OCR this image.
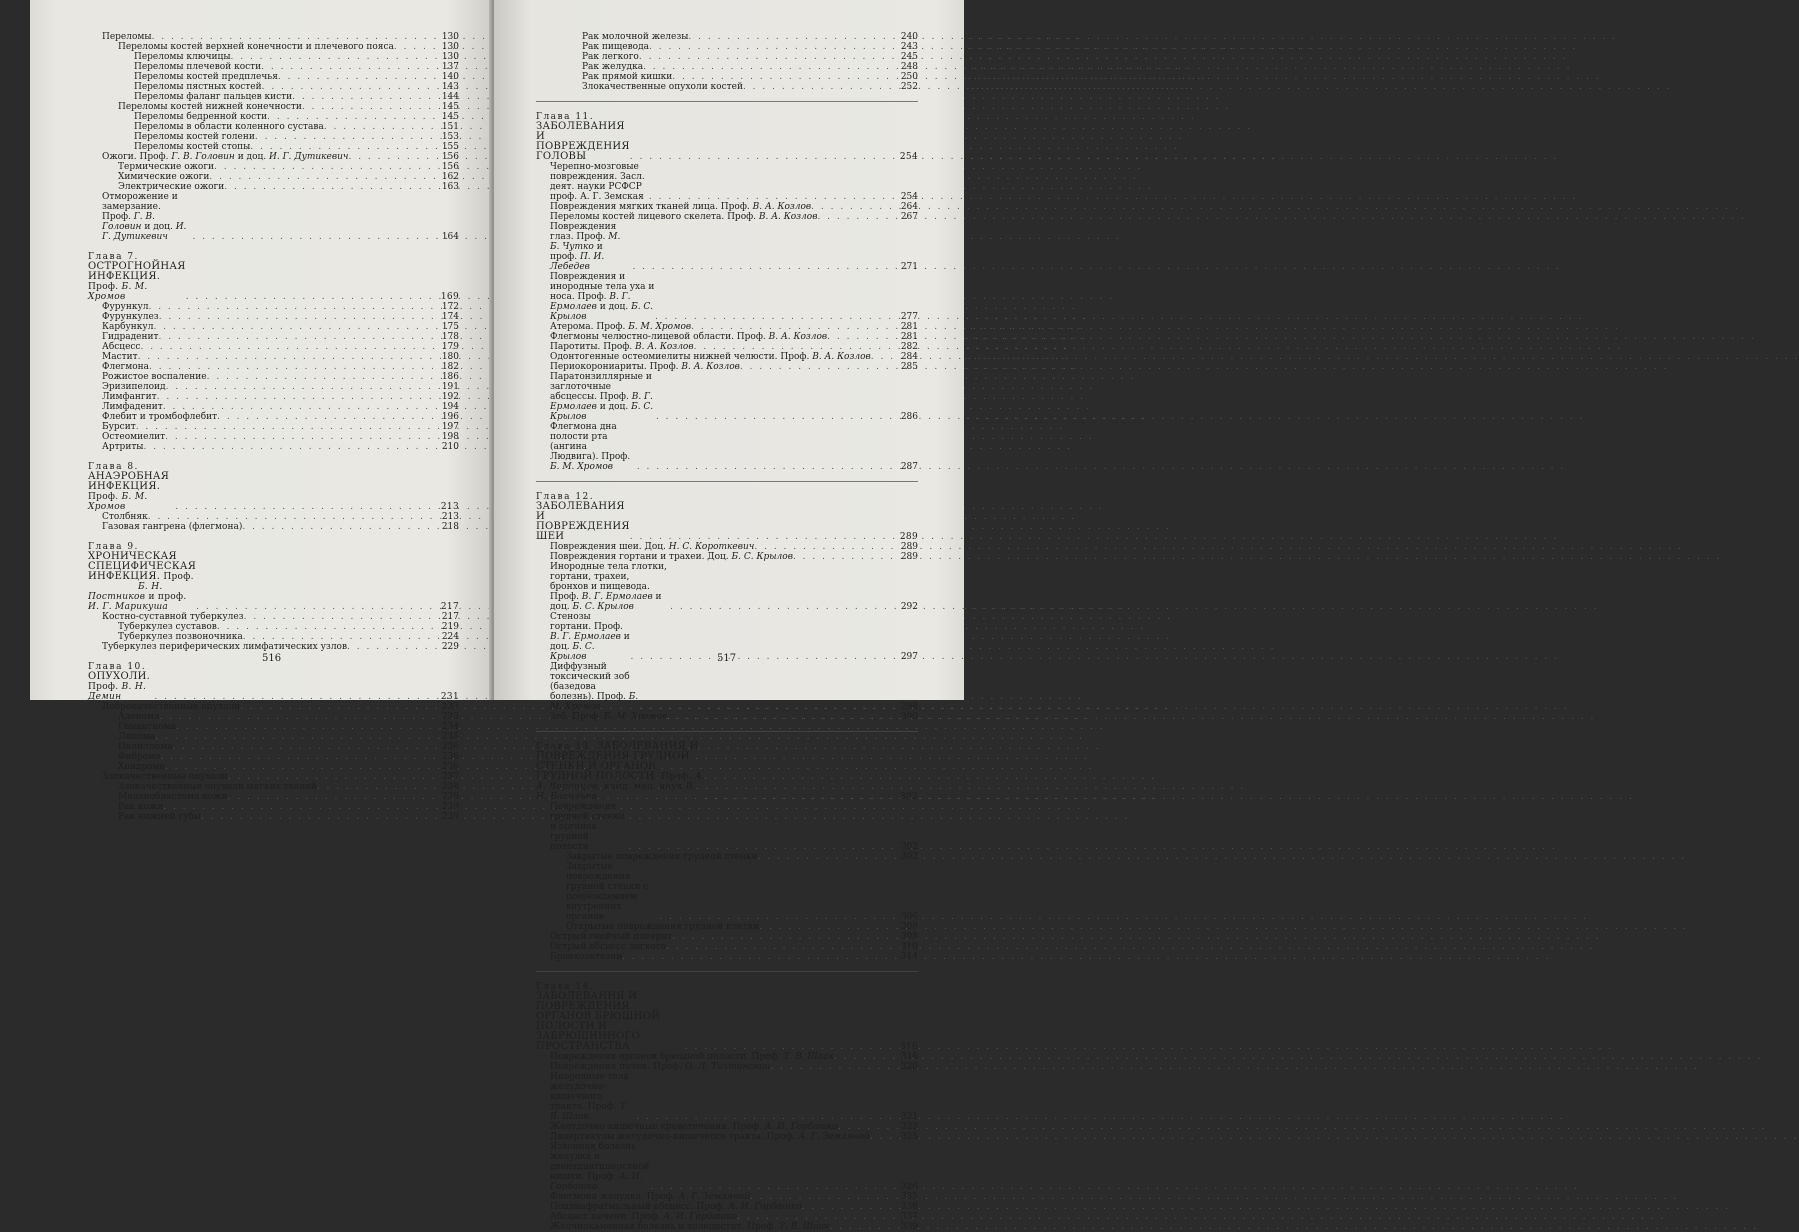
Переломы . . .	130
Переломы костей верхней конечности и плечевого пояса . . .	130
Переломы ключицы . . .	130
Переломы плечевой кости . . .	137
Переломы костей предплечья . . .	140
Переломы пястных костей . . .	143
Переломы фаланг пальцев кисти . . .	144
Переломы костей нижней конечности . . .	145
Переломы бедренной кости . . .	145
Переломы в области коленного сустава . . .	151
Переломы костей голени . . .	153
Переломы костей стопы . . .	155
Ожоги. Проф. Г. В. Головин и доц. И. Г. Дутикевич . . .	156
Термические ожоги . . .	156
Химические ожоги . . .	162
Электрические ожоги . . .	163
Отморожение и замерзание. Проф. Г. В. Головин и доц. И. Г. Дутикевич . . .	164
Глава 7. ОСТРОГНОЙНАЯ ИНФЕКЦИЯ. Проф. Б. М. Хромов . . .	169
Фурункул . . .	172
Фурункулез . . .	174
Карбункул . . .	175
Гидраденит . . .	178
Абсцесс . . .	179
Мастит . . .	180
Флегмона . . .	182
Рожистое воспаление . . .	186
Эризипелоид . . .	191
Лимфангит . . .	192
Лимфаденит . . .	194
Флебит и тромбофлебит . . .	196
Бурсит . . .	197
Остеомиелит . . .	198
Артриты . . .	210
Глава 8. АНАЭРОБНАЯ ИНФЕКЦИЯ. Проф. Б. М. Хромов . . .	213
Столбняк . . .	213
Газовая гангрена (флегмона) . . .	218
Глава 9. ХРОНИЧЕСКАЯ СПЕЦИФИЧЕСКАЯ ИНФЕКЦИЯ. Проф.
Б. Н. Постников и проф. И. Г. Марикуша . . .	217
Костно-суставной туберкулез . . .	217
Туберкулез суставов . . .	219
Туберкулез позвоночника . . .	224
Туберкулез периферических лимфатических узлов . . .	229
Глава 10. ОПУХОЛИ. Проф. В. Н. Демин . . .	231
Доброкачественные опухоли . . .	233
Аденома . . .	233
Гемангиома . . .	234
Липома . . .	235
Папиллома . . .	236
Фиброма . . .	236
Хондрома . . .	236
Злокачественные опухоли . . .	237
Злокачественные опухоли мягких тканей . . .	238
Меланобластома кожи . . .	239
Рак кожи . . .	239
Рак нижней губы . . .	239
516
Рак молочной железы . . .	240
Рак пищевода . . .	243
Рак легкого . . .	245
Рак желудка . . .	248
Рак прямой кишки . . .	250
Злокачественные опухоли костей . . .	252
Глава 11. ЗАБОЛЕВАНИЯ И ПОВРЕЖДЕНИЯ ГОЛОВЫ . . .	254
Черепно-мозговые повреждения. Засл. деят. науки РСФСР проф. А. Г. Земская . . .	254
Повреждения мягких тканей лица. Проф. В. А. Козлов . . .	264
Переломы костей лицевого скелета. Проф. В. А. Козлов . . .	267
Повреждения глаз. Проф. М. Б. Чутко и проф. П. И. Лебедев . . .	271
Повреждения и инородные тела уха и носа. Проф. В. Г. Ермолаев и доц. Б. С. Крылов . . .	277
Атерома. Проф. Б. М. Хромов . . .	281
Флегмоны челюстно-лицевой области. Проф. В. А. Козлов . . .	281
Паротиты. Проф. В. А. Козлов . . .	282
Одонтогенные остеомиелиты нижней челюсти. Проф. В. А. Козлов . . .	284
Периокорониариты. Проф. В. А. Козлов . . .	285
Паратонзиллярные и заглоточные абсцессы. Проф. В. Г. Ермолаев и доц. Б. С. Крылов . . .	286
Флегмона дна полости рта (ангина Людвига). Проф. Б. М. Хромов . . .	287
Глава 12. ЗАБОЛЕВАНИЯ И ПОВРЕЖДЕНИЯ ШЕИ . . .	289
Повреждения шеи. Доц. Н. С. Короткевич . . .	289
Повреждения гортани и трахеи. Доц. Б. С. Крылов . . .	289
Инородные тела глотки, гортани, трахеи, бронхов и пищевода. Проф. В. Г. Ермолаев и доц. Б. С. Крылов . . .	292
Стенозы гортани. Проф. В. Г. Ермолаев и доц. Б. С. Крылов . . .	297
Диффузный токсический зоб (базедова болезнь). Проф. Б. М. Хромов . . .	298
Зоб. Проф. Б. М. Хромов . . .	300
Глава 13. ЗАБОЛЕВАНИЯ И ПОВРЕЖДЕНИЯ ГРУДНОЙ СТЕНКИ И ОРГАНОВ ГРУДНОЙ ПОЛОСТИ. Проф. А. А. Воропцов, канд. мед. наук В. Н. Васильев . . .	302
Повреждения грудной стенки и органов грудной полости . . .	302
Закрытые повреждения грудной стенки . . .	302
Закрытые повреждения грудной стенки с повреждением внутренних органов . . .	306
Открытые повреждения грудной клетки . . .	308
Острый гнойный плеврит . . .	308
Острый абсцесс легкого . . .	310
Бронхоэктазии . . .	314
Глава 14. ЗАБОЛЕВАНИЯ И ПОВРЕЖДЕНИЯ ОРГАНОВ БРЮШНОЙ ПОЛОСТИ И ЗАБРЮШИННОГО ПРОСТРАНСТВА . . .	316
Повреждения органов брюшной полости. Проф. Т. В. Шаак . . .	316
Повреждения почек. Проф. О. Л. Тихтинский . . .	320
Инородные тела желудочно-кишечного тракта. Проф. Т. В. Шаак . . .	321
Желудочно-кишечные кровотечения. Проф. А. И. Горбашко . . .	323
Дивертикулы желудочно-кишечного тракта. Проф. А. Г. Земляной . . .	325
Язвенная болезнь желудка и двенадцатиперстной кишки. Проф. А. И. Горбашко . . .	326
Флегмона желудка. Проф. А. Г. Земляной . . .	335
Поддиафрагмальный абсцесс. Проф. А. И. Горбашко . . .	336
Абсцесс печени. Проф. А. И. Горбашко . . .	337
Желчнокаменная болезнь и холецистит. Проф. Т. В. Шаак . . .	339
517
